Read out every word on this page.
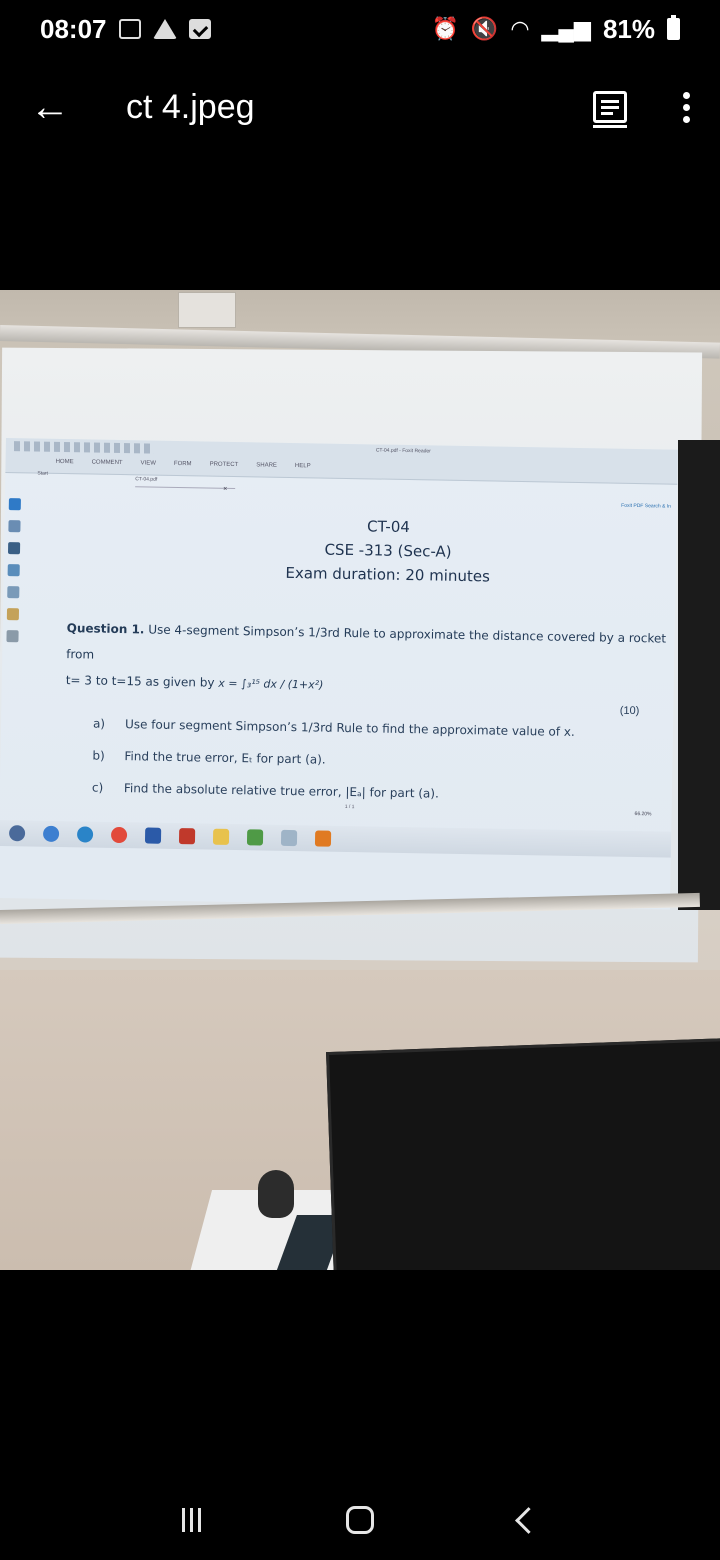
08:07	⏰ 🔇 ◠ ▂▄▆ 81%
← ct 4.jpeg
CT-04.pdf - Foxit Reader
HOME	COMMENT	VIEW	FORM	PROTECT	SHARE	HELP
Start
CT-04.pdf
×
Foxit PDF Search & In
CT-04
CSE -313 (Sec-A)
Exam duration: 20 minutes
Question 1. Use 4-segment Simpson’s 1/3rd Rule to approximate the distance covered by a rocket from
t= 3 to t=15 as given by x = ∫₃¹⁵ dx / (1+x²)
a)	Use four segment Simpson’s 1/3rd Rule to find the approximate value of x.
b)	Find the true error, Eₜ for part (a).
c)	Find the absolute relative true error, |Eₐ| for part (a).
(10)
1 / 1
66.20%
